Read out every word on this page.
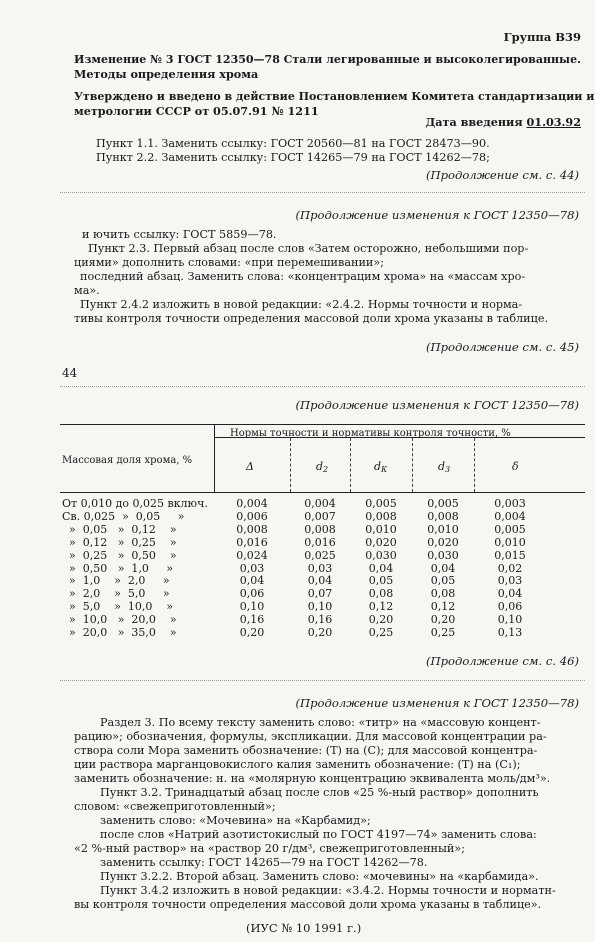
Группа В39
Изменение № 3 ГОСТ 12350—78 Стали легированные и высоколегированные.
Методы определения хрома
Утверждено и введено в действие Постановлением Комитета стандартизации и
метрологии СССР от 05.07.91 № 1211
Дата введения 01.03.92
Пункт 1.1. Заменить ссылку: ГОСТ 20560—81 на ГОСТ 28473—90.
Пункт 2.2. Заменить ссылку: ГОСТ 14265—79 на ГОСТ 14262—78;
(Продолжение см. с. 44)
(Продолжение изменения к ГОСТ 12350—78)
и ючить ссылку: ГОСТ 5859—78.
Пункт 2.3. Первый абзац после слов «Затем осторожно, небольшими пор-
циями» дополнить словами: «при перемешивании»;
последний абзац. Заменить слова: «концентрацим хрома» на «массам хро-
ма».
Пункт 2.4.2 изложить в новой редакции: «2.4.2. Нормы точности и норма-
тивы контроля точности определения массовой доли хрома указаны в таблице.
(Продолжение см. с. 45)
44
(Продолжение изменения к ГОСТ 12350—78)
Массовая доля хрома, %
Нормы точности и нормативы контроля точности, %
Δ	$d_2$	$d_К$	$d_3$	δ
От 0,010 до 0,025 включ.	0,004	0,004	0,005	0,005	0,003
Св. 0,025  »  0,05     »	0,006	0,007	0,008	0,008	0,004
»  0,05   »  0,12    »	0,008	0,008	0,010	0,010	0,005
»  0,12   »  0,25    »	0,016	0,016	0,020	0,020	0,010
»  0,25   »  0,50    »	0,024	0,025	0,030	0,030	0,015
»  0,50   »  1,0     »	0,03	0,03	0,04	0,04	0,02
»  1,0    »  2,0     »	0,04	0,04	0,05	0,05	0,03
»  2,0    »  5,0     »	0,06	0,07	0,08	0,08	0,04
»  5,0    »  10,0    »	0,10	0,10	0,12	0,12	0,06
»  10,0   »  20,0    »	0,16	0,16	0,20	0,20	0,10
»  20,0   »  35,0    »	0,20	0,20	0,25	0,25	0,13
(Продолжение см. с. 46)
(Продолжение изменения к ГОСТ 12350—78)
Раздел 3. По всему тексту заменить слово: «титр» на «массовую концент-
рацию»; обозначения, формулы, экспликации. Для массовой концентрации ра-
створа соли Мора заменить обозначение: (Т) на (С); для массовой концентра-
ции раствора марганцовокислого калия заменить обозначение: (Т) на (С₁);
заменить обозначение: н. на «молярную концентрацию эквивалента моль/дм³».
Пункт 3.2. Тринадцатый абзац после слов «25 %-ный раствор» дополнить
словом: «свежеприготовленный»;
заменить слово: «Мочевина» на «Карбамид»;
после слов «Натрий азотистокислый по ГОСТ 4197—74» заменить слова:
«2 %-ный раствор» на «раствор 20 г/дм³, свежеприготовленный»;
заменить ссылку: ГОСТ 14265—79 на ГОСТ 14262—78.
Пункт 3.2.2. Второй абзац. Заменить слово: «мочевины» на «карбамида».
Пункт 3.4.2 изложить в новой редакции: «3.4.2. Нормы точности и норматн-
вы контроля точности определения массовой доли хрома указаны в таблице».
(ИУС № 10 1991 г.)
